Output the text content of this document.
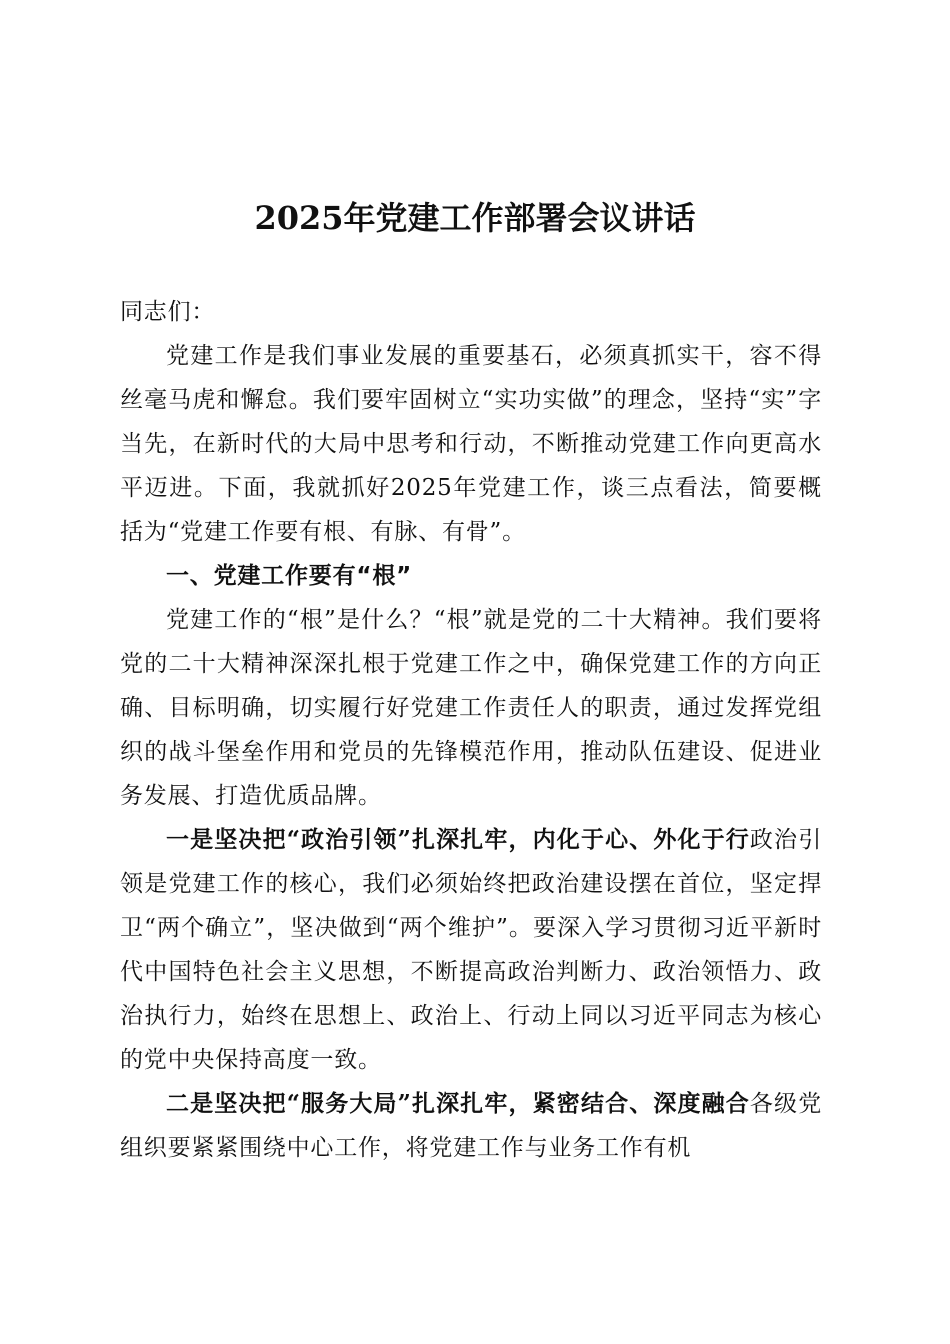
2025年党建工作部署会议讲话

同志们：

党建工作是我们事业发展的重要基石，必须真抓实干，容不得丝毫马虎和懈怠。我们要牢固树立“实功实做”的理念，坚持“实”字当先，在新时代的大局中思考和行动，不断推动党建工作向更高水平迈进。下面，我就抓好2025年党建工作，谈三点看法，简要概括为“党建工作要有根、有脉、有骨”。

一、党建工作要有“根”

党建工作的“根”是什么？“根”就是党的二十大精神。我们要将党的二十大精神深深扎根于党建工作之中，确保党建工作的方向正确、目标明确，切实履行好党建工作责任人的职责，通过发挥党组织的战斗堡垒作用和党员的先锋模范作用，推动队伍建设、促进业务发展、打造优质品牌。

一是坚决把“政治引领”扎深扎牢，内化于心、外化于行政治引领是党建工作的核心，我们必须始终把政治建设摆在首位，坚定捍卫“两个确立”，坚决做到“两个维护”。要深入学习贯彻习近平新时代中国特色社会主义思想，不断提高政治判断力、政治领悟力、政治执行力，始终在思想上、政治上、行动上同以习近平同志为核心的党中央保持高度一致。

二是坚决把“服务大局”扎深扎牢，紧密结合、深度融合各级党组织要紧紧围绕中心工作，将党建工作与业务工作有机
